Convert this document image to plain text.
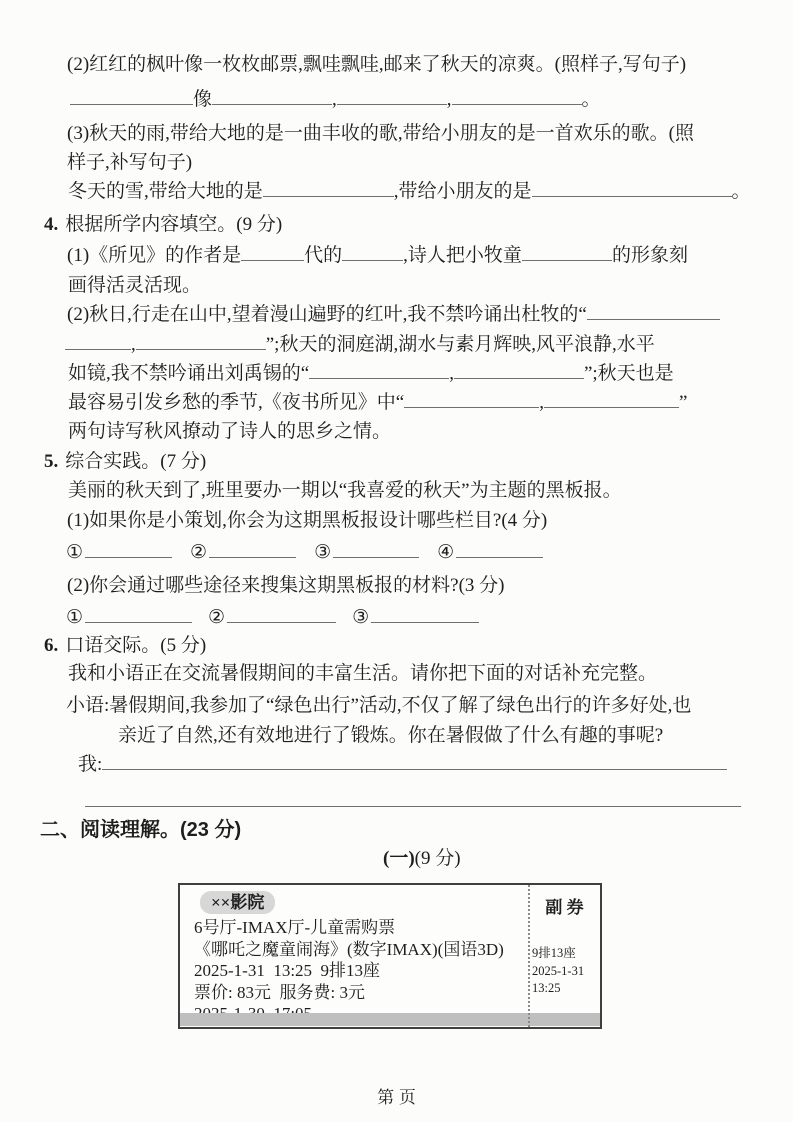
(2)红红的枫叶像一枚枚邮票,飘哇飘哇,邮来了秋天的凉爽。(照样子,写句子)
像	,	,	。
(3)秋天的雨,带给大地的是一曲丰收的歌,带给小朋友的是一首欢乐的歌。(照
样子,补写句子)
冬天的雪,带给大地的是	,带给小朋友的是	。
4. 根据所学内容填空。(9 分)
(1)《所见》的作者是	代的	,诗人把小牧童	的形象刻
画得活灵活现。
(2)秋日,行走在山中,望着漫山遍野的红叶,我不禁吟诵出杜牧的“
,	”;秋天的洞庭湖,湖水与素月辉映,风平浪静,水平
如镜,我不禁吟诵出刘禹锡的“	,	”;秋天也是
最容易引发乡愁的季节,《夜书所见》中“	,	”
两句诗写秋风撩动了诗人的思乡之情。
5. 综合实践。(7 分)
美丽的秋天到了,班里要办一期以“我喜爱的秋天”为主题的黑板报。
(1)如果你是小策划,你会为这期黑板报设计哪些栏目?(4 分)
①	②	③	④
(2)你会通过哪些途径来搜集这期黑板报的材料?(3 分)
①	②	③
6. 口语交际。(5 分)
我和小语正在交流暑假期间的丰富生活。请你把下面的对话补充完整。
小语:暑假期间,我参加了“绿色出行”活动,不仅了解了绿色出行的许多好处,也
亲近了自然,还有效地进行了锻炼。你在暑假做了什么有趣的事呢?
我:
二、阅读理解。(23 分)
(一)(9 分)
××影院
6号厅-IMAX厅-儿童需购票
《哪吒之魔童闹海》(数字IMAX)(国语3D)
2025-1-31  13:25  9排13座
票价: 83元  服务费: 3元
副 券
9排13座
2025-1-31
13:25
第 页
